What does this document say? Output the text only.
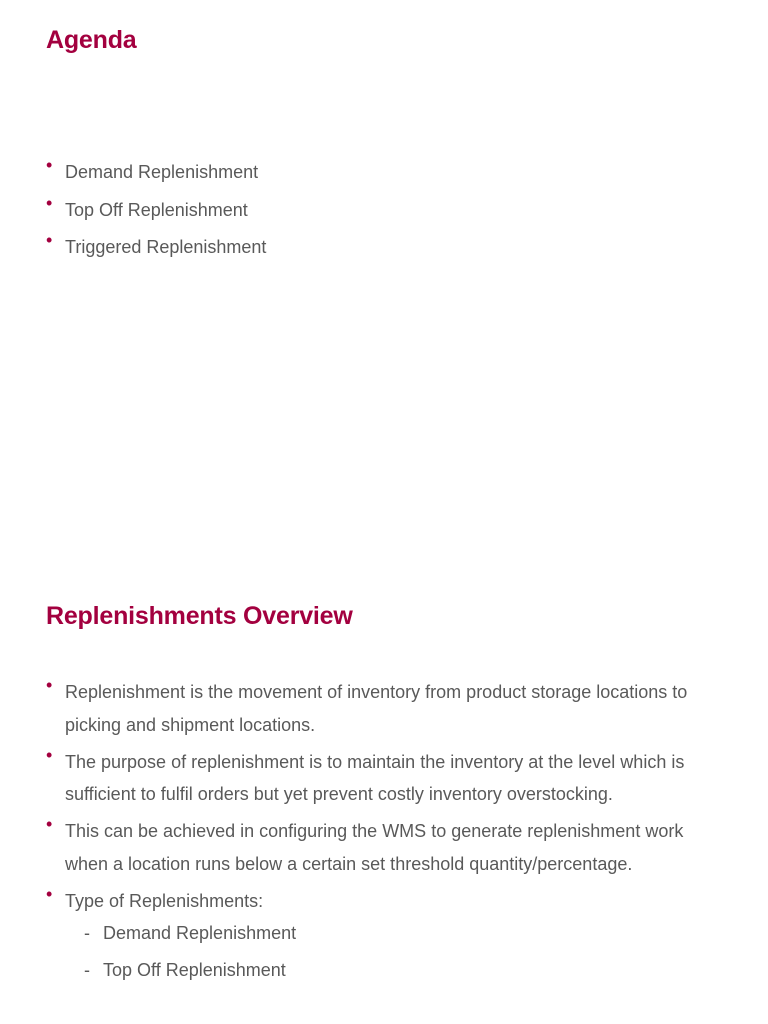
Agenda
• Demand Replenishment
• Top Off Replenishment
• Triggered Replenishment
Replenishments Overview
• Replenishment is the movement of inventory from product storage locations to picking and shipment locations.
• The purpose of replenishment is to maintain the inventory at the level which is sufficient to fulfil orders but yet prevent costly inventory overstocking.
• This can be achieved in configuring the WMS to generate replenishment work when a location runs below a certain set threshold quantity/percentage.
• Type of Replenishments:
- Demand Replenishment
- Top Off Replenishment
